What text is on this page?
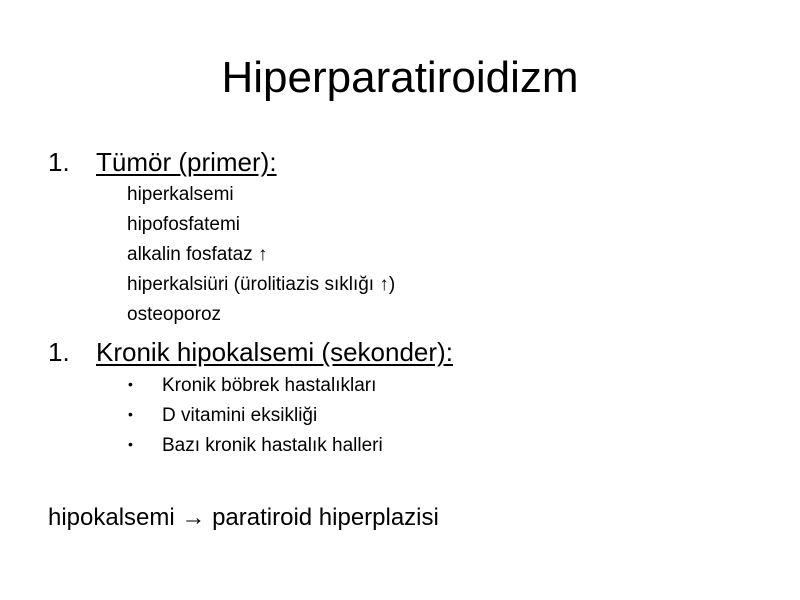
Hiperparatiroidizm
1. Tümör (primer):
hiperkalsemi
hipofosfatemi
alkalin fosfataz ↑
hiperkalsiüri (ürolitiazis sıklığı ↑)
osteoporoz
1. Kronik hipokalsemi (sekonder):
• Kronik böbrek hastalıkları
• D vitamini eksikliği
• Bazı kronik hastalık halleri
hipokalsemi → paratiroid hiperplazisi
